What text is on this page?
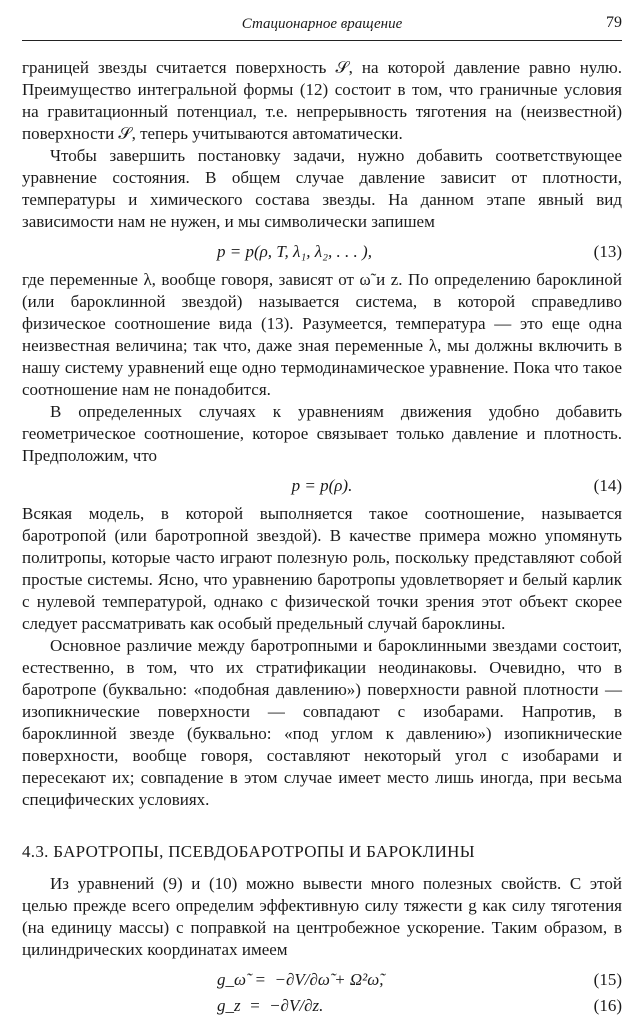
Стационарное вращение	79

границей звезды считается поверхность 𝒮, на которой давление равно нулю. Преимущество интегральной формы (12) состоит в том, что граничные условия на гравитационный потенциал, т.е. непрерывность тяготения на (неизвестной) поверхности 𝒮, теперь учитываются автоматически.

Чтобы завершить постановку задачи, нужно добавить соответствующее уравнение состояния. В общем случае давление зависит от плотности, температуры и химического состава звезды. На данном этапе явный вид зависимости нам не нужен, и мы символически запишем

p = p(ρ, T, λ₁, λ₂, . . . ),	(13)

где переменные λ, вообще говоря, зависят от ω̃ и z. По определению бароклиной (или бароклинной звездой) называется система, в которой справедливо физическое соотношение вида (13). Разумеется, температура — это еще одна неизвестная величина; так что, даже зная переменные λ, мы должны включить в нашу систему уравнений еще одно термодинамическое уравнение. Пока что такое соотношение нам не понадобится.

В определенных случаях к уравнениям движения удобно добавить геометрическое соотношение, которое связывает только давление и плотность. Предположим, что

p = p(ρ).	(14)

Всякая модель, в которой выполняется такое соотношение, называется баротропой (или баротропной звездой). В качестве примера можно упомянуть политропы, которые часто играют полезную роль, поскольку представляют собой простые системы. Ясно, что уравнению баротропы удовлетворяет и белый карлик с нулевой температурой, однако с физической точки зрения этот объект скорее следует рассматривать как особый предельный случай бароклины.

Основное различие между баротропными и бароклинными звездами состоит, естественно, в том, что их стратификации неодинаковы. Очевидно, что в баротропе (буквально: «подобная давлению») поверхности равной плотности — изопикнические поверхности — совпадают с изобарами. Напротив, в бароклинной звезде (буквально: «под углом к давлению») изопикнические поверхности, вообще говоря, составляют некоторый угол с изобарами и пересекают их; совпадение в этом случае имеет место лишь иногда, при весьма специфических условиях.

4.3. БАРОТРОПЫ, ПСЕВДОБАРОТРОПЫ И БАРОКЛИНЫ

Из уравнений (9) и (10) можно вывести много полезных свойств. С этой целью прежде всего определим эффективную силу тяжести g как силу тяготения (на единицу массы) с поправкой на центробежное ускорение. Таким образом, в цилиндрических координатах имеем

g_ω̃  =  −∂V/∂ω̃ + Ω²ω̃,	(15)
g_z  =  −∂V/∂z.	(16)
